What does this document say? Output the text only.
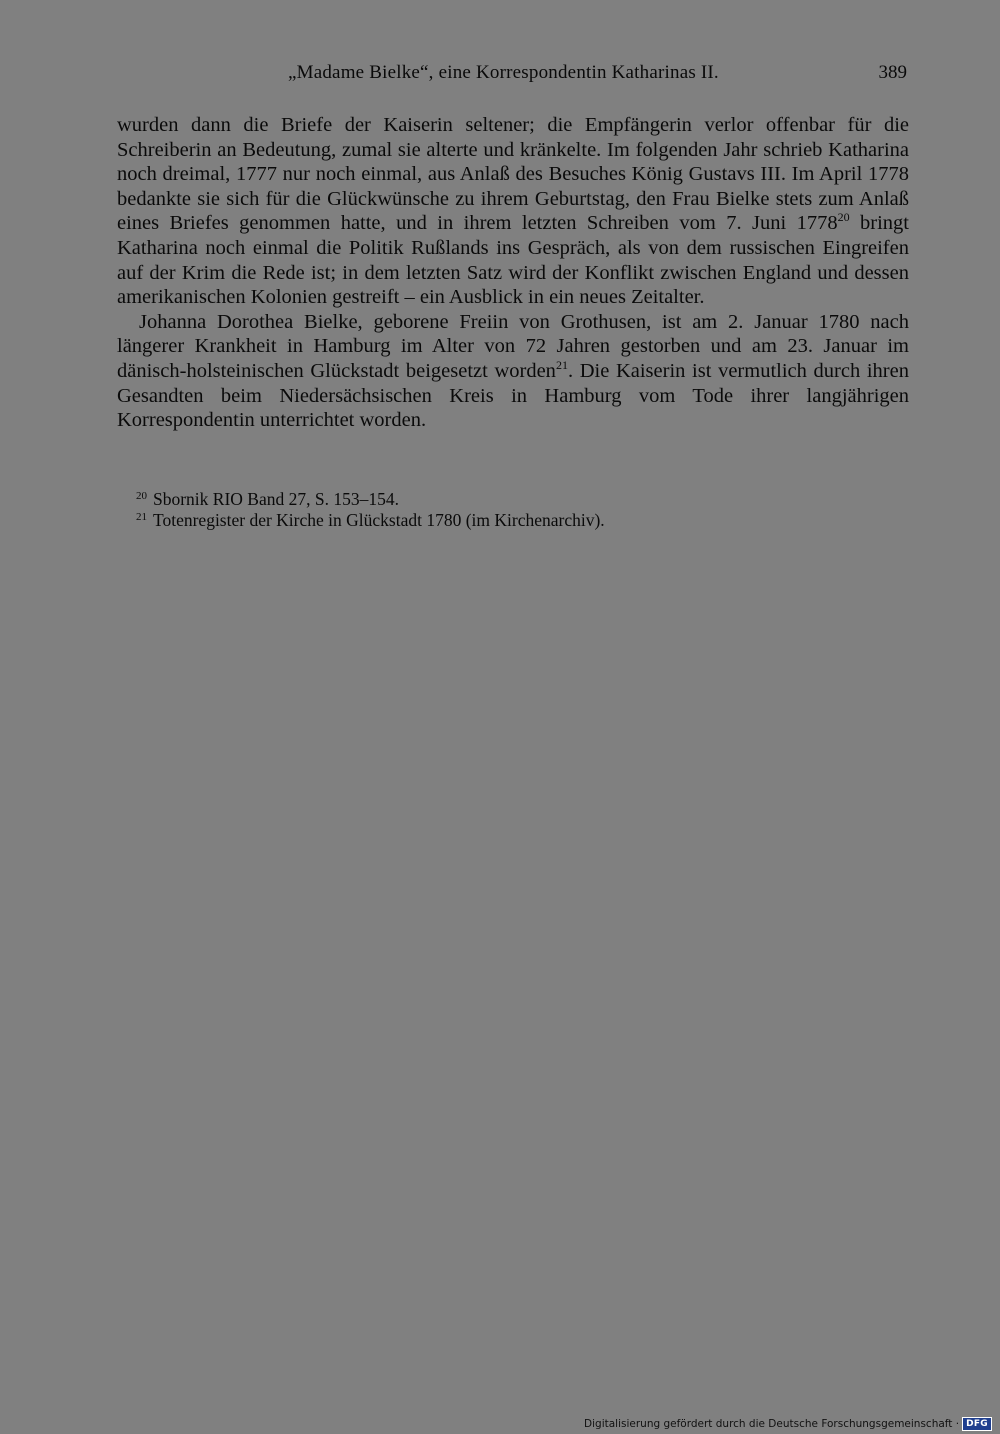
„Madame Bielke“, eine Korrespondentin Katharinas II.	389

wurden dann die Briefe der Kaiserin seltener; die Empfängerin verlor offenbar für die Schreiberin an Bedeutung, zumal sie alterte und kränkelte. Im folgenden Jahr schrieb Katharina noch dreimal, 1777 nur noch einmal, aus Anlaß des Besuches König Gustavs III. Im April 1778 bedankte sie sich für die Glückwünsche zu ihrem Geburtstag, den Frau Bielke stets zum Anlaß eines Briefes genommen hatte, und in ihrem letzten Schreiben vom 7. Juni 1778$^{20}$ bringt Katharina noch einmal die Politik Rußlands ins Gespräch, als von dem russischen Eingreifen auf der Krim die Rede ist; in dem letzten Satz wird der Konflikt zwischen England und dessen amerikanischen Kolonien gestreift – ein Ausblick in ein neues Zeitalter.

Johanna Dorothea Bielke, geborene Freiin von Grothusen, ist am 2. Januar 1780 nach längerer Krankheit in Hamburg im Alter von 72 Jahren gestorben und am 23. Januar im dänisch-holsteinischen Glückstadt beigesetzt worden$^{21}$. Die Kaiserin ist vermutlich durch ihren Gesandten beim Niedersächsischen Kreis in Hamburg vom Tode ihrer langjährigen Korrespondentin unterrichtet worden.

$^{20}$ Sbornik RIO Band 27, S. 153–154.
$^{21}$ Totenregister der Kirche in Glückstadt 1780 (im Kirchenarchiv).
Digitalisierung gefördert durch die Deutsche Forschungsgemeinschaft · DFG
